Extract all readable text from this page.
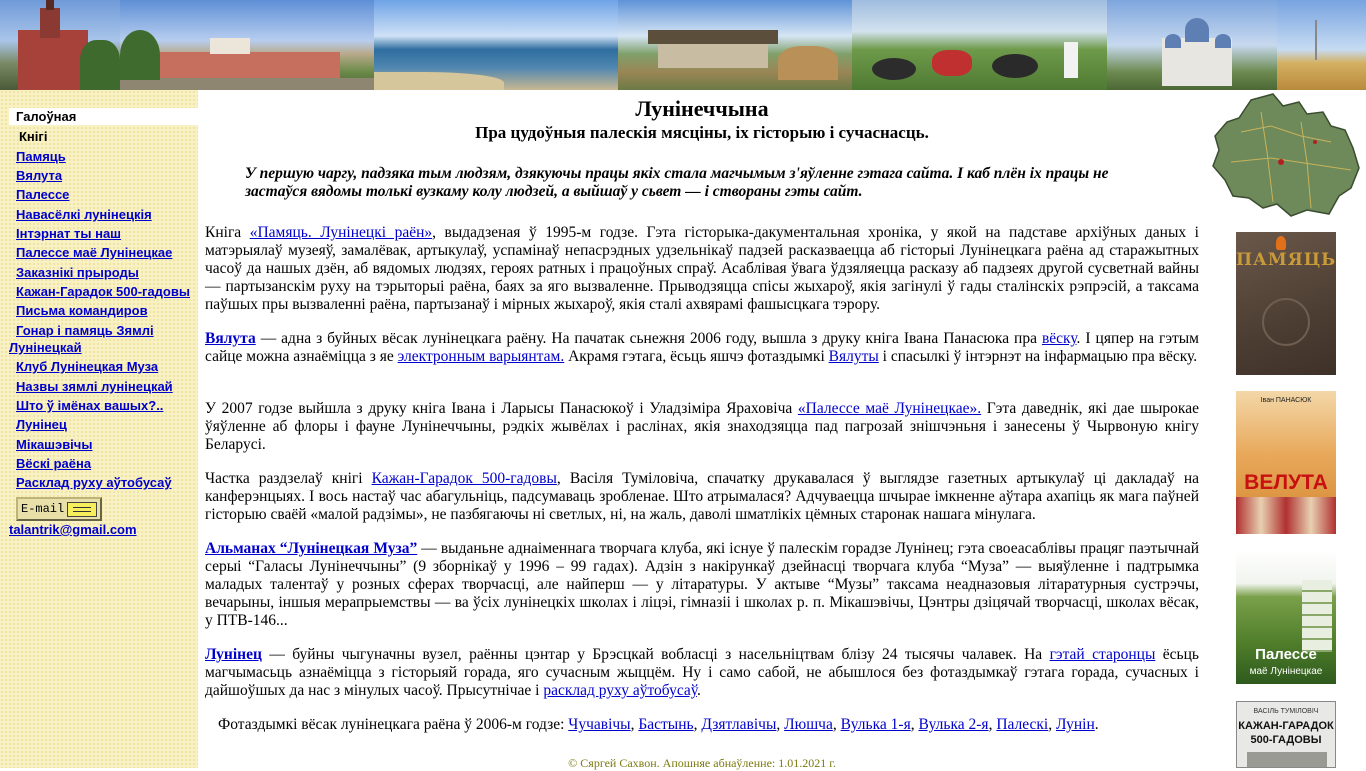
Галоўная
Кнігі
Памяць
Вялута
Палессе
Навасёлкі лунінецкія
Інтэрнат ты наш
Палессе маё Лунінецкае
Заказнікі прыроды
Кажан-Гарадок 500-гадовы
Письма командиров
Гонар і памяць Зямлі Лунінецкай
Клуб Лунінецкая Муза
Назвы зямлі лунінецкай
Што ў імёнах вашых?..
Лунінец
Мікашэвічы
Вёскі раёна
Расклад руху аўтобусаў
E-mail
talantrik@gmail.com
Лунінеччына
Пра цудоўныя палескія мясціны, іх гісторыю і сучаснасць.
У першую чаргу, падзяка тым людзям, дзякуючы працы якіх стала магчымым з'яўленне гэтага сайта. І каб плён іх працы не застаўся вядомы толькі вузкаму колу людзей, а выйшаў у сьвет — і створаны гэты сайт.
Кніга «Памяць. Лунінецкі раён», выдадзеная ў 1995-м годзе. Гэта гісторыка-дакументальная хроніка, у якой на падставе архіўных даных і матэрыялаў музеяў, замалёвак, артыкулаў, успамінаў непасрэдных удзельнікаў падзей расказваецца аб гісторыі Лунінецкага раёна ад старажытных часоў да нашых дзён, аб вядомых людзях, героях ратных і працоўных спраў. Асаблівая ўвага ўдзяляецца расказу аб падзеях другой сусветнай вайны — партызанскім руху на тэрыторыі раёна, баях за яго вызваленне. Прыводзяцца спісы жыхароў, якія загінулі ў гады сталінскіх рэпрэсій, а таксама паўшых пры вызваленні раёна, партызанаў і мірных жыхароў, якія сталі ахвярамі фашысцкага тэрору.
Вялута — адна з буйных вёсак лунінецкага раёну. На пачатак сьнежня 2006 году, вышла з друку кніга Івана Панасюка пра вёску. І цяпер на гэтым сайце можна азнаёміцца з яе электронным варыянтам. Акрамя гэтага, ёсьць яшчэ фотаздымкі Вялуты і спасылкі ў інтэрнэт на інфармацыю пра вёску.
У 2007 годзе выйшла з друку кніга Івана і Ларысы Панасюкоў і Уладзіміра Яраховіча «Палессе маё Лунінецкае». Гэта даведнік, які дае шырокае ўяўленне аб флоры і фауне Лунінеччыны, рэдкіх жывёлах і раслінах, якія знаходзяцца пад пагрозай знішчэньня і занесены ў Чырвоную кнігу Беларусі.
Частка раздзелаў кнігі Кажан-Гарадок 500-гадовы, Васіля Туміловіча, спачатку друкавалася ў выглядзе газетных артыкулаў ці дакладаў на канферэнцыях. І вось настаў час абагульніць, падсумаваць зробленае. Што атрымалася? Адчуваецца шчырае імкненне аўтара ахапіць як мага паўней гісторыю сваёй «малой радзімы», не пазбягаючы ні светлых, ні, на жаль, даволі шматлікіх цёмных старонак нашага мінулага.
Альманах “Лунінецкая Муза” — выданьне аднаіменнага творчага клуба, які існуе ў палескім горадзе Лунінец; гэта своеасаблівы працяг паэтычнай серыі “Галасы Лунінеччыны” (9 зборнікаў у 1996 – 99 гадах). Адзін з накірункаў дзейнасці творчага клуба “Муза” — выяўленне і падтрымка маладых талентаў у розных сферах творчасці, але найперш — у літаратуры. У актыве “Музы” таксама неадназовыя літаратурныя сустрэчы, вечарыны, іншыя мерапрыемствы — ва ўсіх лунінецкіх школах і ліцэі, гімназіі і школах р. п. Мікашэвічы, Цэнтры дзіцячай творчасці, школах вёсак, у ПТВ-146...
Лунінец — буйны чыгуначны вузел, раённы цэнтар у Брэсцкай вобласці з насельніцтвам блізу 24 тысячы чалавек. На гэтай старонцы ёсьць магчымасьць азнаёміцца з гісторыяй горада, яго сучасным жыццём. Ну і само сабой, не абышлося без фотаздымкаў гэтага горада, сучасных і дайшоўшых да нас з мінулых часоў. Прысутнічае і расклад руху аўтобусаў.
Фотаздымкі вёсак лунінецкага раёна ў 2006-м годзе: Чучавічы, Бастынь, Дзятлавічы, Люшча, Вулька 1-я, Вулька 2-я, Палескі, Лунін.
© Сяргей Сахвон. Апошняе абнаўленне: 1.01.2021 г.
ПАМЯЦЬ
Іван ПАНАСЮК
ВЕЛУТА
Палессе
маё Лунінецкае
ВАСІЛЬ ТУМІЛОВІЧ
КАЖАН-ГАРАДОК
500-ГАДОВЫ
